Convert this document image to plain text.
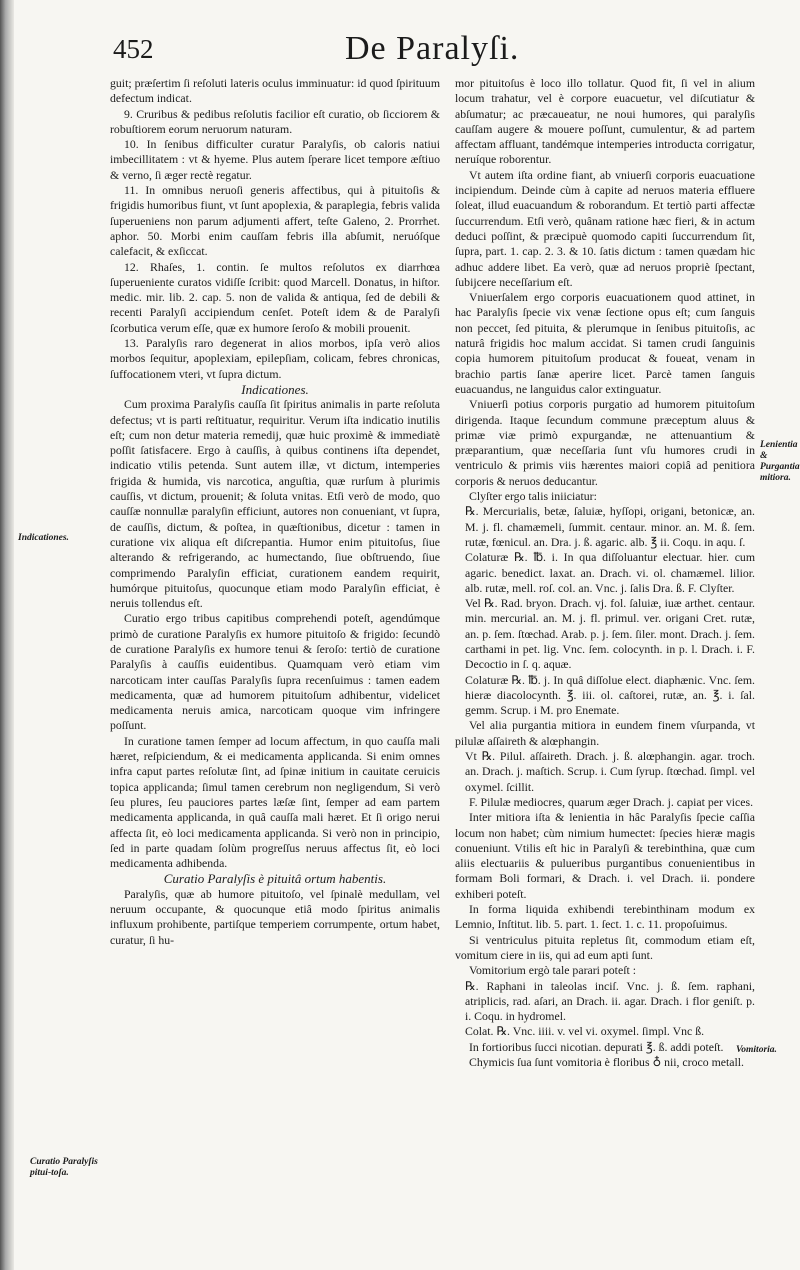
452	De Paralyſi.
Indicationes.
Lenientia & Purgantia mitiora.
Vomitoria.
Curatio Paralyſis pitui-toſa.

guit; præſertim ſi reſoluti lateris oculus imminuatur: id quod ſpirituum defectum indicat.

9. Cruribus & pedibus reſolutis facilior eſt curatio, ob ſicciorem & robuſtiorem eorum neruorum naturam.

10. In ſenibus difficulter curatur Paralyſis, ob caloris natiui imbecillitatem : vt & hyeme. Plus autem ſperare licet tempore æſtiuo & verno, ſi æger rectè regatur.

11. In omnibus neruoſi generis affectibus, qui à pituitoſis & frigidis humoribus fiunt, vt ſunt apoplexia, & paraplegia, febris valida ſuperueniens non parum adjumenti affert, teſte Galeno, 2. Prorrhet. aphor. 50. Morbi enim cauſſam febris illa abſumit, neruóſque calefacit, & exſiccat.

12. Rhaſes, 1. contin. ſe multos reſolutos ex diarrhœa ſuperueniente curatos vidiſſe ſcribit: quod Marcell. Donatus, in hiſtor. medic. mir. lib. 2. cap. 5. non de valida & antiqua, ſed de debili & recenti Paralyſi accipiendum cenſet. Poteſt idem & de Paralyſi ſcorbutica verum eſſe, quæ ex humore ſeroſo & mobili prouenit.

13. Paralyſis raro degenerat in alios morbos, ipſa verò alios morbos ſequitur, apoplexiam, epilepſiam, colicam, febres chronicas, ſuffocationem vteri, vt ſupra dictum.

Indicationes.

Cum proxima Paralyſis cauſſa ſit ſpiritus animalis in parte reſoluta defectus; vt is parti reſtituatur, requiritur. Verum iſta indicatio inutilis eſt; cum non detur materia remedij, quæ huic proximè & immediatè poſſit ſatisfacere. Ergo à cauſſis, à quibus continens iſta dependet, indicatio vtilis petenda. Sunt autem illæ, vt dictum, intemperies frigida & humida, vis narcotica, anguſtia, quæ rurſum à plurimis cauſſis, vt dictum, prouenit; & ſoluta vnitas. Etſi verò de modo, quo cauſſæ nonnullæ paralyſin efficiunt, autores non conueniant, vt ſupra, de cauſſis, dictum, & poſtea, in quæſtionibus, dicetur : tamen in curatione vix aliqua eſt diſcrepantia. Humor enim pituitoſus, ſiue alterando & refrigerando, ac humectando, ſiue obſtruendo, ſiue comprimendo Paralyſin efficiat, curationem eandem requirit, humórque pituitoſus, quocunque etiam modo Paralyſin efficiat, è neruis tollendus eſt.

Curatio ergo tribus capitibus comprehendi poteſt, agendúmque primò de curatione Paralyſis ex humore pituitoſo & frigido: ſecundò de curatione Paralyſis ex humore tenui & ſeroſo: tertiò de curatione Paralyſis à cauſſis euidentibus. Quamquam verò etiam vim narcoticam inter cauſſas Paralyſis ſupra recenſuimus : tamen eadem medicamenta, quæ ad humorem pituitoſum adhibentur, videlicet medicamenta neruis amica, narcoticam quoque vim infringere poſſunt.

In curatione tamen ſemper ad locum affectum, in quo cauſſa mali hæret, reſpiciendum, & ei medicamenta applicanda. Si enim omnes infra caput partes reſolutæ ſint, ad ſpinæ initium in cauitate ceruicis topica applicanda; ſimul tamen cerebrum non negligendum, Si verò ſeu plures, ſeu pauciores partes læſæ ſint, ſemper ad eam partem medicamenta applicanda, in quâ cauſſa mali hæret. Et ſi origo nerui affecta ſit, eò loci medicamenta applicanda. Si verò non in principio, ſed in parte quadam ſolùm progreſſus neruus affectus ſit, eò loci medicamenta adhibenda.

Curatio Paralyſis è pituitâ ortum habentis.

Paralyſis, quæ ab humore pituitoſo, vel ſpinalè medullam, vel neruum occupante, & quocunque etiâ modo ſpiritus animalis influxum prohibente, partiſque temperiem corrumpente, ortum habet, curatur, ſi hu-

mor pituitoſus è loco illo tollatur. Quod fit, ſi vel in alium locum trahatur, vel è corpore euacuetur, vel diſcutiatur & abſumatur; ac præcaueatur, ne noui humores, qui paralyſis cauſſam augere & mouere poſſunt, cumulentur, & ad partem affectam affluant, tandémque intemperies introducta corrigatur, neruíque roborentur.

Vt autem iſta ordine fiant, ab vniuerſi corporis euacuatione incipiendum. Deinde cùm à capite ad neruos materia effluere ſoleat, illud euacuandum & roborandum. Et tertiò parti affectæ ſuccurrendum. Etſi verò, quânam ratione hæc fieri, & in actum deduci poſſint, & præcipuè quomodo capiti ſuccurrendum ſit, ſupra, part. 1. cap. 2. 3. & 10. ſatis dictum : tamen quædam hic adhuc addere libet. Ea verò, quæ ad neruos propriè ſpectant, ſubijcere neceſſarium eſt.

Vniuerſalem ergo corporis euacuationem quod attinet, in hac Paralyſis ſpecie vix venæ ſectione opus eſt; cum ſanguis non peccet, ſed pituita, & plerumque in ſenibus pituitoſis, ac naturâ frigidis hoc malum accidat. Si tamen crudi ſanguinis copia humorem pituitoſum producat & foueat, venam in brachio partis ſanæ aperire licet. Parcè tamen ſanguis euacuandus, ne languidus calor extinguatur.

Vniuerſi potius corporis purgatio ad humorem pituitoſum dirigenda. Itaque ſecundum commune præceptum aluus & primæ viæ primò expurgandæ, ne attenuantium & præparantium, quæ neceſſaria ſunt vſu humores crudi in ventriculo & primis viis hærentes maiori copiâ ad penitiora corporis & neruos deducantur.

Clyſter ergo talis iniiciatur:

℞. Mercurialis, betæ, ſaluiæ, hyſſopi, origani, betonicæ, an. M. j. fl. chamæmeli, ſummit. centaur. minor. an. M. ß. ſem. rutæ, fœnicul. an. Dra. j. ß. agaric. alb. ℥ ii. Coqu. in aqu. ſ.

Colaturæ ℞. ℔. i. In qua diſſoluantur electuar. hier. cum agaric. benedict. laxat. an. Drach. vi. ol. chamæmel. lilior. alb. rutæ, mell. roſ. col. an. Vnc. j. ſalis Dra. ß. F. Clyſter.

Vel ℞. Rad. bryon. Drach. vj. fol. ſaluiæ, iuæ arthet. centaur. min. mercurial. an. M. j. fl. primul. ver. origani Cret. rutæ, an. p. ſem. ſtœchad. Arab. p. j. ſem. ſiler. mont. Drach. j. ſem. carthami in pet. lig. Vnc. ſem. colocynth. in p. l. Drach. i. F. Decoctio in ſ. q. aquæ.

Colaturæ ℞. ℔. j. In quâ diſſolue elect. diaphænic. Vnc. ſem. hieræ diacolocynth. ℥. iii. ol. caſtorei, rutæ, an. ℥. i. ſal. gemm. Scrup. i M. pro Enemate.

Vel alia purgantia mitiora in eundem finem vſurpanda, vt pilulæ aſſaireth & alœphangin.

Vt ℞. Pilul. aſſaireth. Drach. j. ß. alœphangin. agar. troch. an. Drach. j. maſtich. Scrup. i. Cum ſyrup. ſtœchad. ſimpl. vel oxymel. ſcillit.

F. Pilulæ mediocres, quarum æger Drach. j. capiat per vices.

Inter mitiora iſta & lenientia in hâc Paralyſis ſpecie caſſia locum non habet; cùm nimium humectet: ſpecies hieræ magis conueniunt. Vtilis eſt hic in Paralyſi & terebinthina, quæ cum aliis electuariis & pulueribus purgantibus conuenientibus in formam Boli formari, & Drach. i. vel Drach. ii. pondere exhiberi poteſt.

In forma liquida exhibendi terebinthinam modum ex Lemnio, Inſtitut. lib. 5. part. 1. ſect. 1. c. 11. propoſuimus.

Si ventriculus pituita repletus ſit, commodum etiam eſt, vomitum ciere in iis, qui ad eum apti ſunt.

Vomitorium ergò tale parari poteſt :

℞. Raphani in taleolas inciſ. Vnc. j. ß. ſem. raphani, atriplicis, rad. aſari, an Drach. ii. agar. Drach. i flor geniſt. p. i. Coqu. in hydromel.

Colat. ℞. Vnc. iiii. v. vel vi. oxymel. ſimpl. Vnc ß.

In fortioribus ſucci nicotian. depurati ℥. ß. addi poteſt.

Chymicis ſua ſunt vomitoria è floribus ♁ nii, croco metall.
